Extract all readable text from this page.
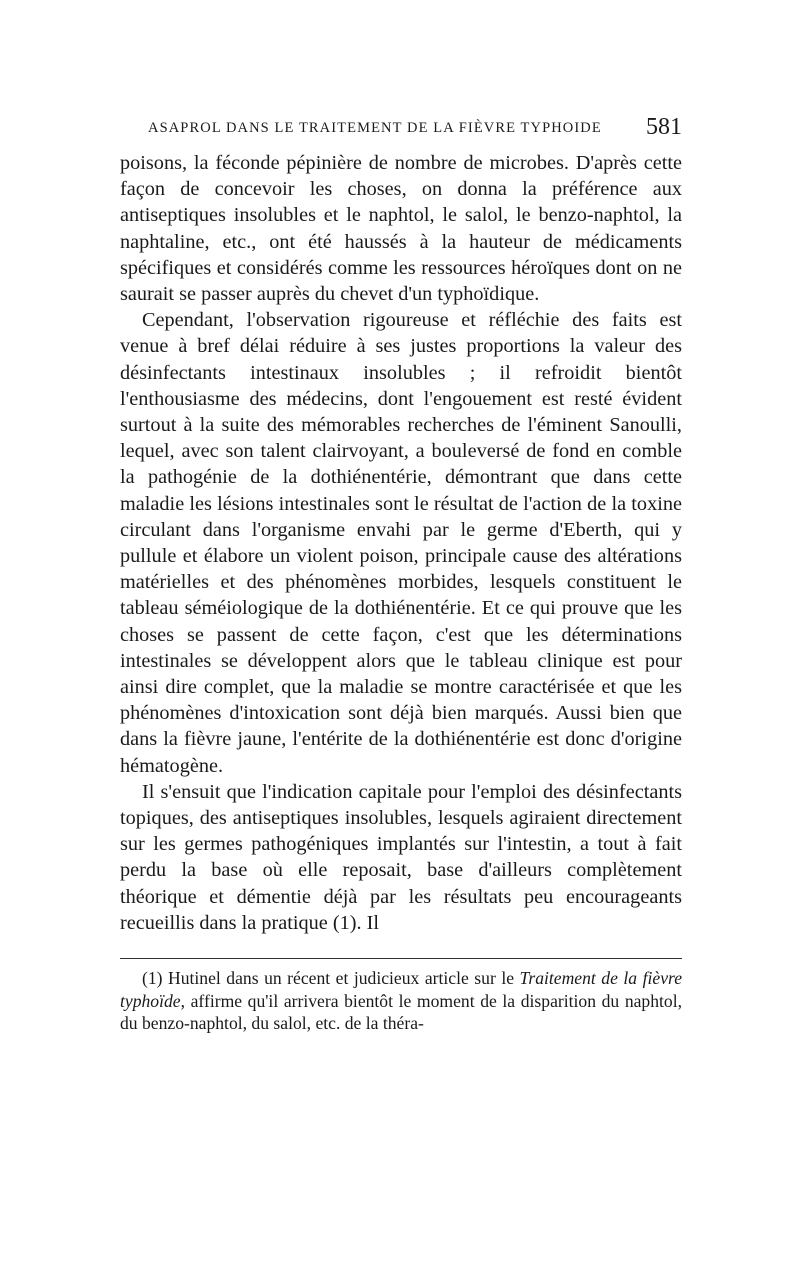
ASAPROL DANS LE TRAITEMENT DE LA FIÈVRE TYPHOIDE 581

poisons, la féconde pépinière de nombre de microbes. D'après cette façon de concevoir les choses, on donna la préférence aux antiseptiques insolubles et le naphtol, le salol, le benzo-naphtol, la naphtaline, etc., ont été haussés à la hauteur de médicaments spécifiques et considérés comme les ressources héroïques dont on ne saurait se passer auprès du chevet d'un typhoïdique.

Cependant, l'observation rigoureuse et réfléchie des faits est venue à bref délai réduire à ses justes proportions la valeur des désinfectants intestinaux insolubles ; il refroidit bientôt l'enthousiasme des médecins, dont l'engouement est resté évident surtout à la suite des mémorables recherches de l'éminent Sanoulli, lequel, avec son talent clairvoyant, a bouleversé de fond en comble la pathogénie de la dothiénentérie, démontrant que dans cette maladie les lésions intestinales sont le résultat de l'action de la toxine circulant dans l'organisme envahi par le germe d'Eberth, qui y pullule et élabore un violent poison, principale cause des altérations matérielles et des phénomènes morbides, lesquels constituent le tableau séméiologique de la dothiénentérie. Et ce qui prouve que les choses se passent de cette façon, c'est que les déterminations intestinales se développent alors que le tableau clinique est pour ainsi dire complet, que la maladie se montre caractérisée et que les phénomènes d'intoxication sont déjà bien marqués. Aussi bien que dans la fièvre jaune, l'entérite de la dothiénentérie est donc d'origine hématogène.

Il s'ensuit que l'indication capitale pour l'emploi des désinfectants topiques, des antiseptiques insolubles, lesquels agiraient directement sur les germes pathogéniques implantés sur l'intestin, a tout à fait perdu la base où elle reposait, base d'ailleurs complètement théorique et démentie déjà par les résultats peu encourageants recueillis dans la pratique (1). Il

(1) Hutinel dans un récent et judicieux article sur le Traitement de la fièvre typhoïde, affirme qu'il arrivera bientôt le moment de la disparition du naphtol, du benzo-naphtol, du salol, etc. de la théra-
